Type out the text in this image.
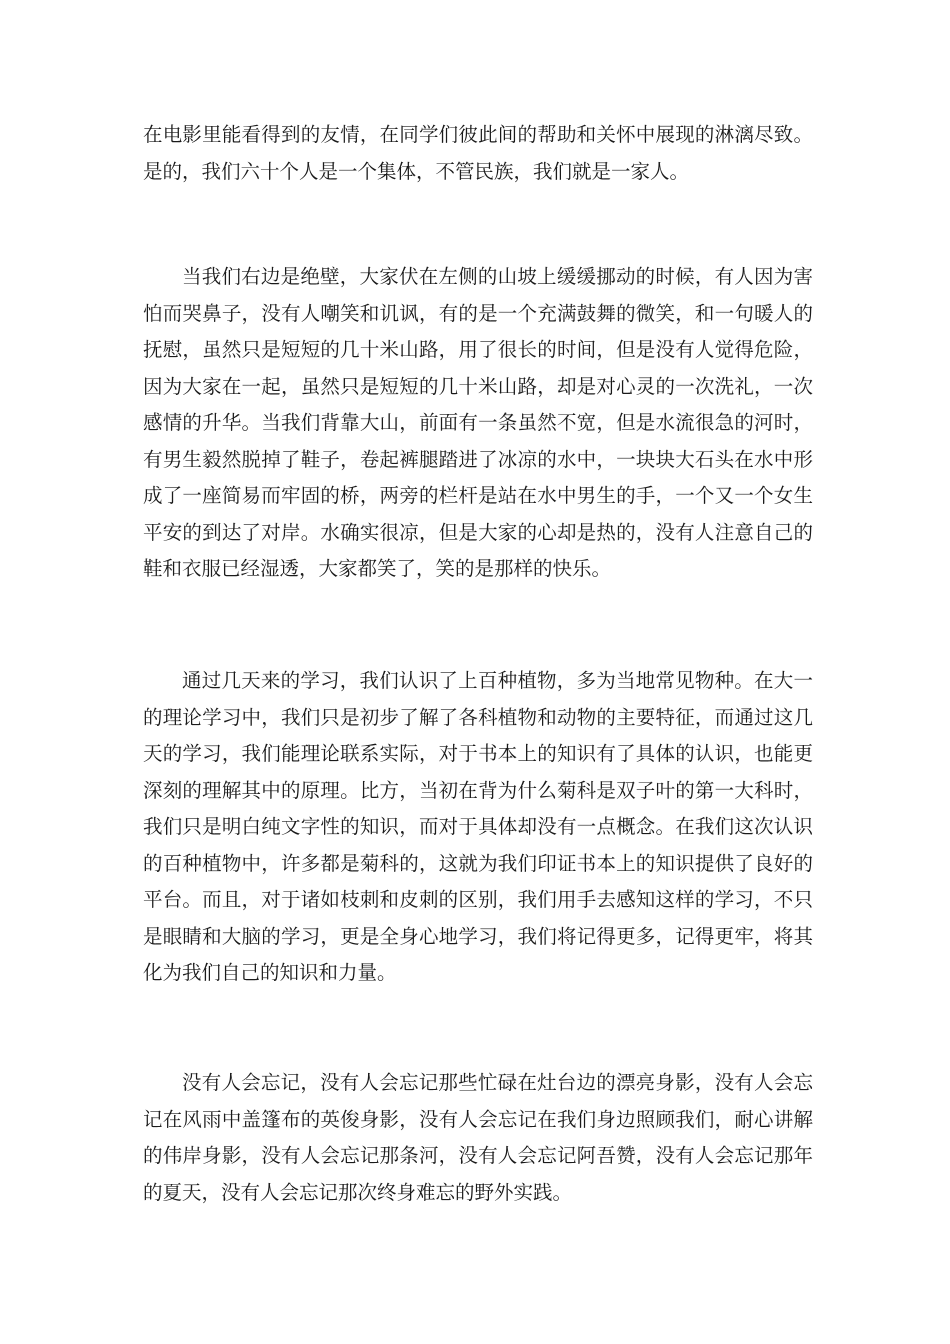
在电影里能看得到的友情，在同学们彼此间的帮助和关怀中展现的淋漓尽致。是的，我们六十个人是一个集体，不管民族，我们就是一家人。

当我们右边是绝壁，大家伏在左侧的山坡上缓缓挪动的时候，有人因为害怕而哭鼻子，没有人嘲笑和讥讽，有的是一个充满鼓舞的微笑，和一句暖人的抚慰，虽然只是短短的几十米山路，用了很长的时间，但是没有人觉得危险，因为大家在一起，虽然只是短短的几十米山路，却是对心灵的一次洗礼，一次感情的升华。当我们背靠大山，前面有一条虽然不宽，但是水流很急的河时，有男生毅然脱掉了鞋子，卷起裤腿踏进了冰凉的水中，一块块大石头在水中形成了一座简易而牢固的桥，两旁的栏杆是站在水中男生的手，一个又一个女生平安的到达了对岸。水确实很凉，但是大家的心却是热的，没有人注意自己的鞋和衣服已经湿透，大家都笑了，笑的是那样的快乐。

通过几天来的学习，我们认识了上百种植物，多为当地常见物种。在大一的理论学习中，我们只是初步了解了各科植物和动物的主要特征，而通过这几天的学习，我们能理论联系实际，对于书本上的知识有了具体的认识，也能更深刻的理解其中的原理。比方，当初在背为什么菊科是双子叶的第一大科时，我们只是明白纯文字性的知识，而对于具体却没有一点概念。在我们这次认识的百种植物中，许多都是菊科的，这就为我们印证书本上的知识提供了良好的平台。而且，对于诸如枝刺和皮刺的区别，我们用手去感知这样的学习，不只是眼睛和大脑的学习，更是全身心地学习，我们将记得更多，记得更牢，将其化为我们自己的知识和力量。

没有人会忘记，没有人会忘记那些忙碌在灶台边的漂亮身影，没有人会忘记在风雨中盖篷布的英俊身影，没有人会忘记在我们身边照顾我们，耐心讲解的伟岸身影，没有人会忘记那条河，没有人会忘记阿吾赞，没有人会忘记那年的夏天，没有人会忘记那次终身难忘的野外实践。
